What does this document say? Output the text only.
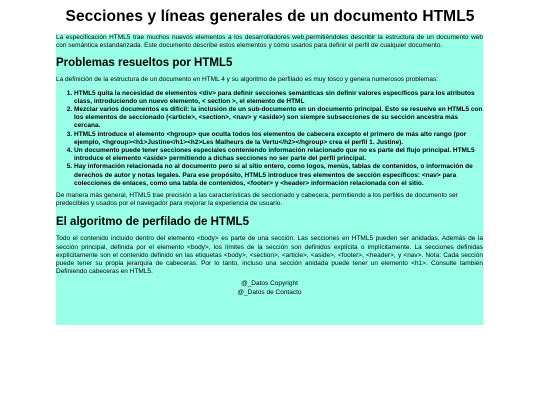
Secciones y líneas generales de un documento HTML5

La especificación HTML5 trae muchos nuevos elementos a los desarrolladores web,permitiéndoles describir la estructura de un documento web con semántica estandarizada. Este documento describe estos elementos y cómo usarlos para definir el perfil de cualquier documento.

Problemas resueltos por HTML5

La definición de la estructura de un documento en HTML 4 y su algoritmo de perfilado es muy tosco y genera numerosos problemas:

1. HTML5 quita la necesidad de elementos <div> para definir secciones semánticas sin definir valores específicos para los atributos class, introduciendo un nuevo elemento, < section >, el elemento de HTML
2. Mezclar varios documentos es difícil: la inclusión de un sub-documento en un documento principal. Esto se resuelve en HTML5 con los elementos de seccionado (<article>, <section>, <nav> y <aside>) son siempre subsecciones de su sección ancestra más cercana.
3. HTML5 introduce el elemento <hgroup> que oculta todos los elementos de cabecera excepto el primero de más alto rango (por ejemplo, <hgroup><h1>Justine</h1><h2>Les Malheurs de la Vertu</h2></hgroup> crea el perfil 1. Justine).
4. Un documento puede tener secciones especiales conteniendo información relacionado que no es parte del flujo principal. HTML5 introduce el elemento <aside> permitiendo a dichas secciones no ser parte del perfil principal.
5. Hay información relacionada no al documento pero si al sitio entero, como logos, menús, tablas de contenidos, o información de derechos de autor y notas legales. Para ese propósito, HTML5 introduce tres elementos de sección específicos: <nav> para colecciones de enlaces, como una tabla de contenidos, <footer> y <header> información relacionada con el sitio.

De manera más general, HTML5 trae precisión a las características de seccionado y cabecera, permitiendo a los perfiles de documento ser predecibles y usados por el navegador para mejorar la experiencia de usuario.

El algoritmo de perfilado de HTML5

Todo el contenido incluido dentro del elemento <body> es parte de una sección. Las secciones en HTML5 pueden ser anidadas. Además de la sección principal, definida por el elemento <body>, los límites de la sección son definidos explícita o implícitamente. La secciones definidas explícitamente son el contenido definido en las etiquetas <body>, <section>, <article>, <aside>, <footer>, <header>, y <nav>. Nota: Cada sección puede tener su propia jerarquía de cabeceras. Por lo tanto, incluso una sección anidada puede tener un elemento <h1>. Consulte también Definiendo cabeceras en HTML5.

@_Datos Copyright
@_Datos de Contacto
